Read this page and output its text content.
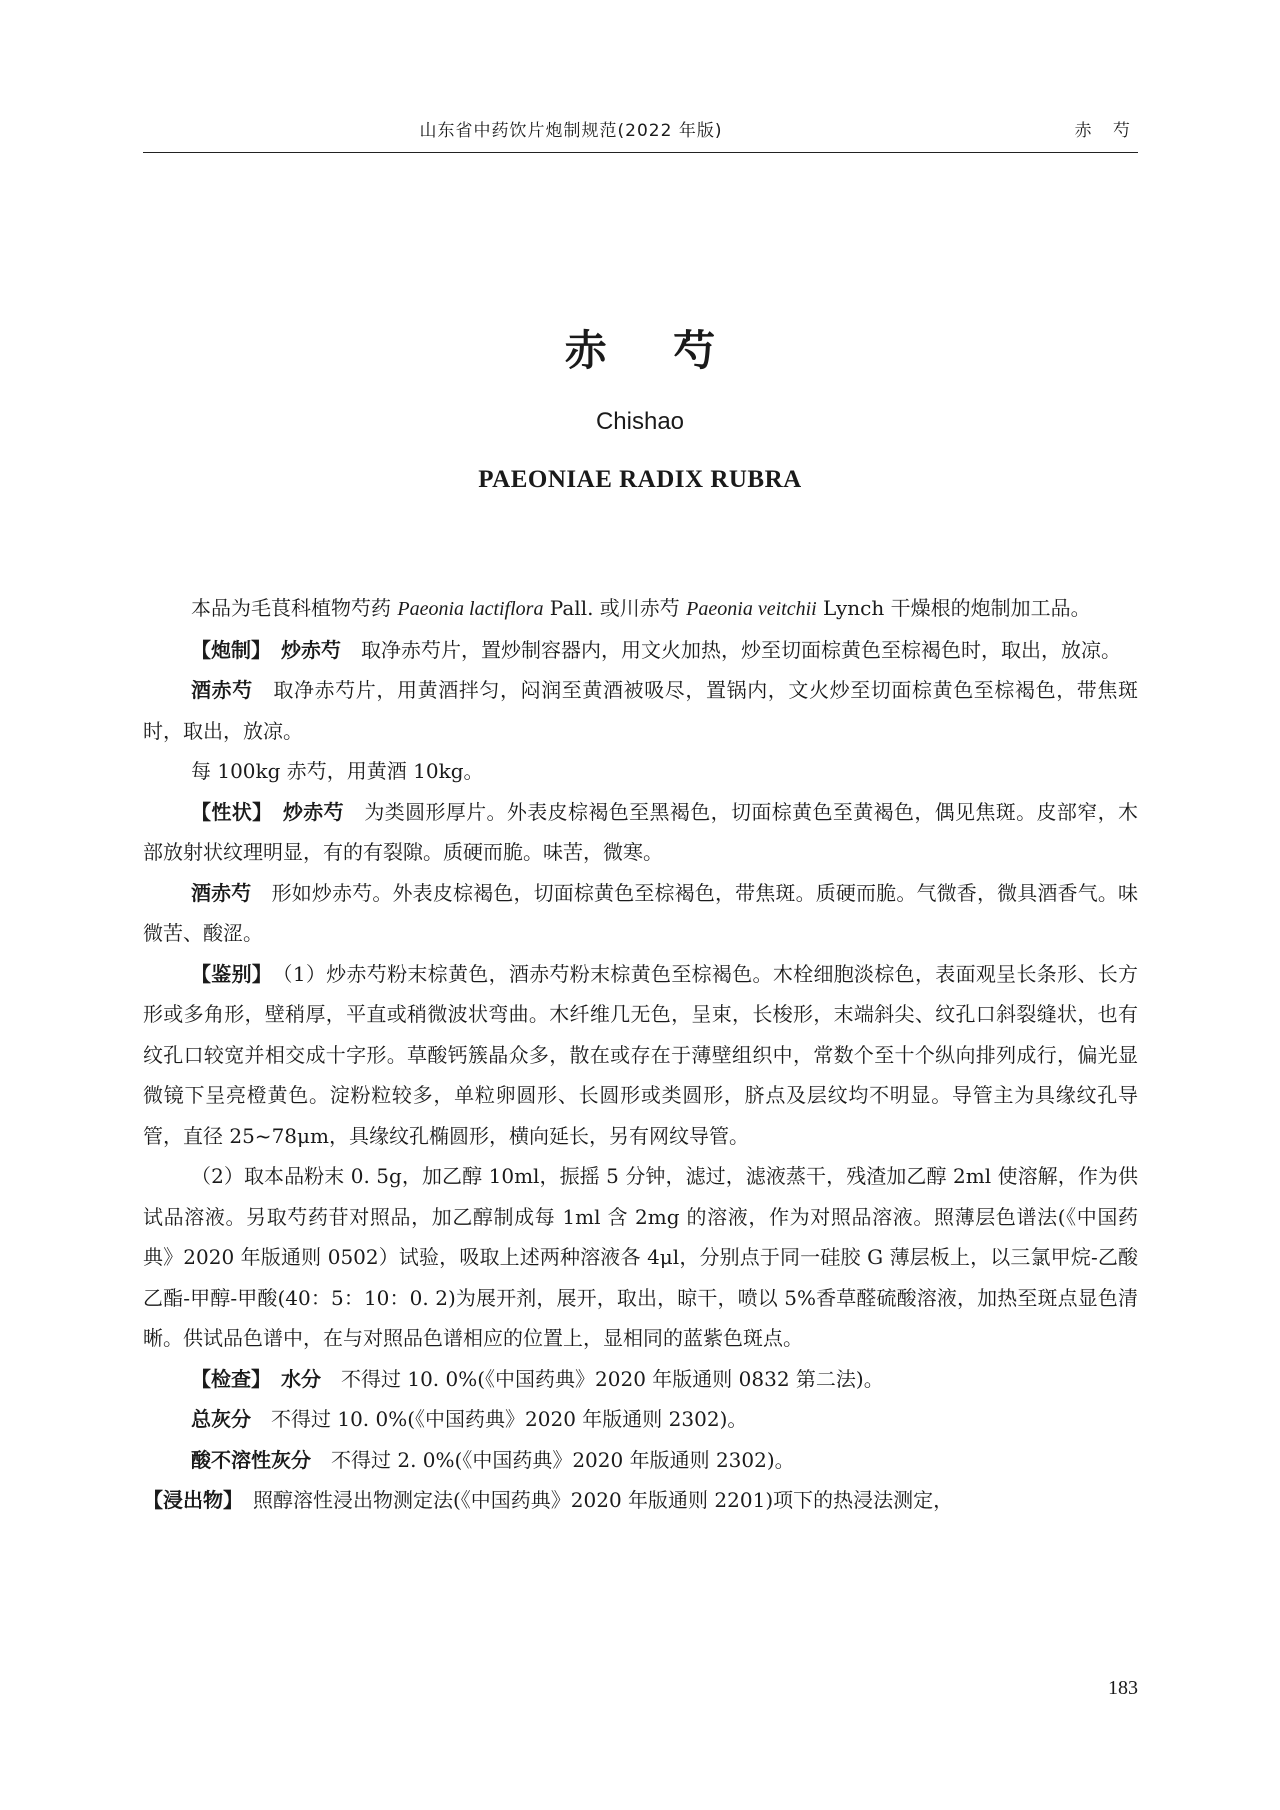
山东省中药饮片炮制规范(2022 年版)	赤 芍
赤 芍
Chishao
PAEONIAE RADIX RUBRA

本品为毛茛科植物芍药 Paeonia lactiflora Pall. 或川赤芍 Paeonia veitchii Lynch 干燥根的炮制加工品。

【炮制】　 炒赤芍　取净赤芍片，置炒制容器内，用文火加热，炒至切面棕黄色至棕褐色时，取出，放凉。

酒赤芍　取净赤芍片，用黄酒拌匀，闷润至黄酒被吸尽，置锅内，文火炒至切面棕黄色至棕褐色，带焦斑时，取出，放凉。

每 100kg 赤芍，用黄酒 10kg。

【性状】　 炒赤芍　为类圆形厚片。外表皮棕褐色至黑褐色，切面棕黄色至黄褐色，偶见焦斑。皮部窄，木部放射状纹理明显，有的有裂隙。质硬而脆。味苦，微寒。

酒赤芍　形如炒赤芍。外表皮棕褐色，切面棕黄色至棕褐色，带焦斑。质硬而脆。气微香，微具酒香气。味微苦、酸涩。

【鉴别】　 （1）炒赤芍粉末棕黄色，酒赤芍粉末棕黄色至棕褐色。木栓细胞淡棕色，表面观呈长条形、长方形或多角形，壁稍厚，平直或稍微波状弯曲。木纤维几无色，呈束，长梭形，末端斜尖、纹孔口斜裂缝状，也有纹孔口较宽并相交成十字形。草酸钙簇晶众多，散在或存在于薄壁组织中，常数个至十个纵向排列成行，偏光显微镜下呈亮橙黄色。淀粉粒较多，单粒卵圆形、长圆形或类圆形，脐点及层纹均不明显。导管主为具缘纹孔导管，直径 25~78μm，具缘纹孔椭圆形，横向延长，另有网纹导管。

（2）取本品粉末 0. 5g，加乙醇 10ml，振摇 5 分钟，滤过，滤液蒸干，残渣加乙醇 2ml 使溶解，作为供试品溶液。另取芍药苷对照品，加乙醇制成每 1ml 含 2mg 的溶液，作为对照品溶液。照薄层色谱法(《中国药典》2020 年版通则 0502）试验，吸取上述两种溶液各 4μl，分别点于同一硅胶 G 薄层板上，以三氯甲烷-乙酸乙酯-甲醇-甲酸(40：5：10：0. 2)为展开剂，展开，取出，晾干，喷以 5%香草醛硫酸溶液，加热至斑点显色清晰。供试品色谱中，在与对照品色谱相应的位置上，显相同的蓝紫色斑点。

【检查】　 水分　不得过 10. 0%(《中国药典》2020 年版通则 0832 第二法)。

总灰分　不得过 10. 0%(《中国药典》2020 年版通则 2302)。

酸不溶性灰分　不得过 2. 0%(《中国药典》2020 年版通则 2302)。

【浸出物】　照醇溶性浸出物测定法(《中国药典》2020 年版通则 2201)项下的热浸法测定，

183
